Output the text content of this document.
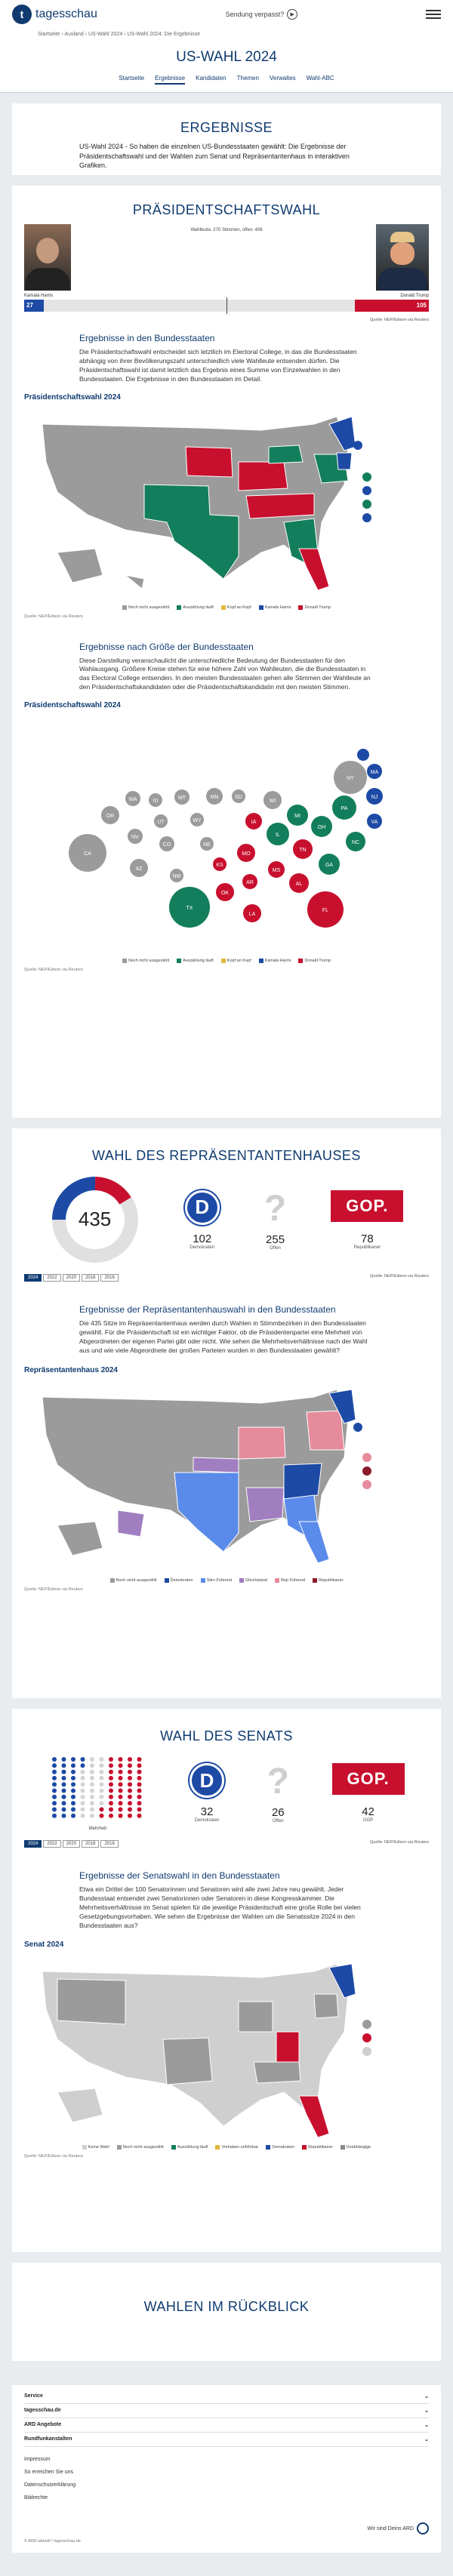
t tagesschau	Sendung verpasst?	▶
Startseite › Ausland › US-Wahl 2024 › US-Wahl 2024: Die Ergebnisse
US-WAHL 2024
Startseite Ergebnisse Kandidaten Themen Verwaltes Wahl-ABC
ERGEBNISSE

US-Wahl 2024 - So haben die einzelnen US-Bundesstaaten gewählt: Die Ergebnisse der Präsidentschaftswahl und der Wahlen zum Senat und Repräsentantenhaus in interaktiven Grafiken.

PRÄSIDENTSCHAFTSWAHL
Wahlleute, 270 Stimmen, offen: 406
Kamala Harris	Donald Trump
27	105
Quelle: NEP/Edison via Reuters
Ergebnisse in den Bundesstaaten

Die Präsidentschaftswahl entscheidet sich letztlich im Electoral College, in das die Bundesstaaten abhängig von ihrer Bevölkerungszahl unterschiedlich viele Wahlleute entsenden dürfen. Die Präsidentschaftswahl ist damit letztlich das Ergebnis eines Summe von Einzelwahlen in den Bundesstaaten. Die Ergebnisse in den Bundesstaaten im Detail.

Präsidentschaftswahl 2024
Noch nicht ausgezählt	Auszählung läuft	Kopf an Kopf	Kamala Harris	Donald Trump
Quelle: NEP/Edison via Reuters
Ergebnisse nach Größe der Bundesstaaten

Diese Darstellung veranschaulicht die unterschiedliche Bedeutung der Bundesstaaten für den Wahlausgang. Größere Kreise stehen für eine höhere Zahl von Wahlleuten, die die Bundesstaaten in das Electoral College entsenden. In den meisten Bundesstaaten gehen alle Stimmen der Wahlleute an den Präsidentschaftskandidaten oder die Präsidentschaftskandidatin mit den meisten Stimmen.

Präsidentschaftswahl 2024
CA
OR
WA
NV
AZ
ID
UT
CO
NM
MT
WY
MN
NE
KS
TX
OK
SD
IA
MO
AR
LA
WI
IL
MS
MI
TN
AL
OH
GA
FL
PA
NC
NY
NJ
MA
VA
Noch nicht ausgezählt	Auszählung läuft	Kopf an Kopf	Kamala Harris	Donald Trump
Quelle: NEP/Edison via Reuters
WAHL DES REPRÄSENTANTENHAUSES
435
D
102
Demokraten
?
255
Offen
GOP.
78
Republikaner
2024	2022	2020	2018	2016	Quelle: NEP/Edison via Reuters
Ergebnisse der Repräsentantenhauswahl in den Bundesstaaten

Die 435 Sitze im Repräsentantenhaus werden durch Wahlen in Stimmbezirken in den Bundesstaaten gewählt. Für die Präsidentschaft ist ein wichtiger Faktor, ob die Präsidentenpartei eine Mehrheit von Abgeordneten der eigenen Partei gibt oder nicht. Wie sehen die Mehrheitsverhältnisse nach der Wahl aus und wie viele Abgeordnete der großen Parteien wurden in den Bundesstaaten gewählt?

Repräsentantenhaus 2024
Noch nicht ausgezählt	Demokraten	Stirn Führend	Gleichstand	Rep Führend	Republikaner
Quelle: NEP/Edison via Reuters
WAHL DES SENATS
Mehrheit
D
32
Demokraten
?
26
Offen
GOP.
42
GOP
2024	2022	2020	2018	2016	Quelle: NEP/Edison via Reuters
Ergebnisse der Senatswahl in den Bundesstaaten

Etwa ein Drittel der 100 Senatorinnen und Senatoren wird alle zwei Jahre neu gewählt. Jeder Bundesstaat entsendet zwei Senatorinnen oder Senatoren in diese Kongresskammer. Die Mehrheitsverhältnisse im Senat spielen für die jeweilige Präsidentschaft eine große Rolle bei vielen Gesetzgebungsvorhaben. Wie sehen die Ergebnisse der Wahlen um die Senatssitze 2024 in den Bundesstaaten aus?

Senat 2024
Keine Wahl	Noch nicht ausgezählt	Auszählung läuft	Vorhaben unführbar	Demokraten	Republikaner	Unabhängige
Quelle: NEP/Edison via Reuters
WAHLEN IM RÜCKBLICK
Service	⌄
tagesschau.de	⌄
ARD Angebote	⌄
Rundfunkanstalten	⌄
Impressum
So erreichen Sie uns
Datenschutzerklärung
Bildrechte
Wir sind Deins ARD
© ARD-aktuell / tagesschau.de
